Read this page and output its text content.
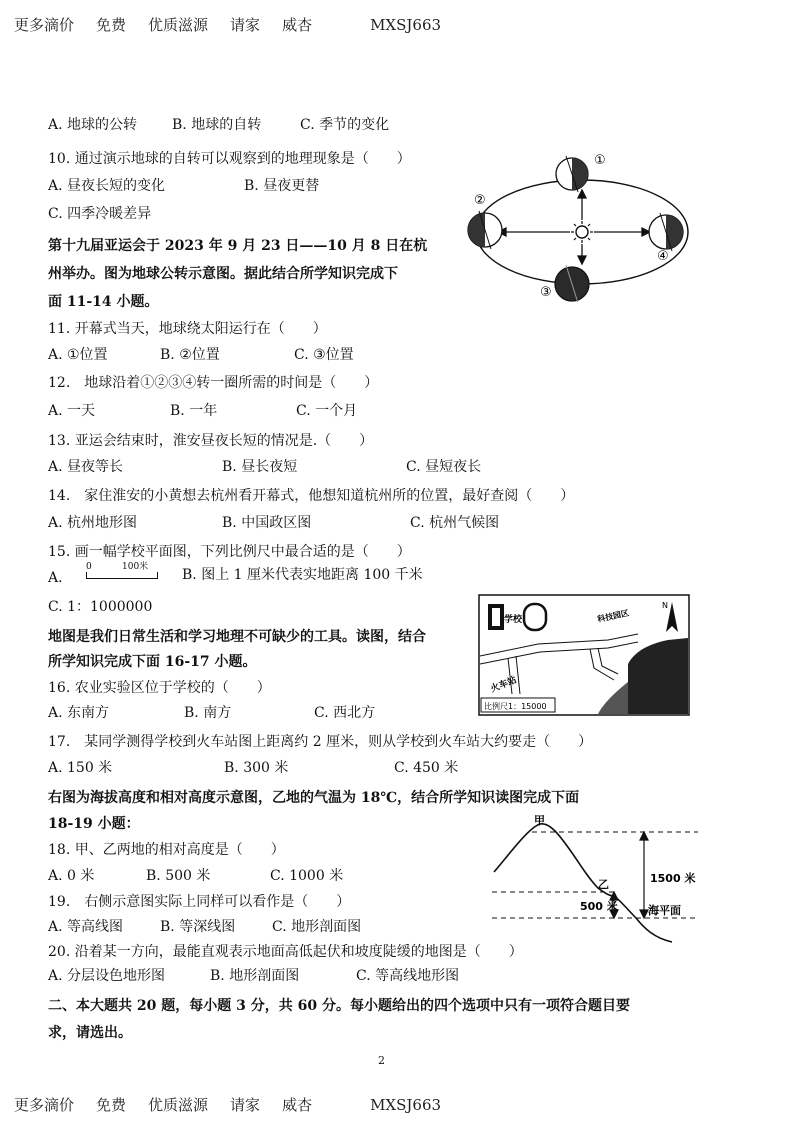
更多滴价 免费 优质滋源 请家 威杏	MXSJ663
A. 地球的公转 B. 地球的自转	C. 季节的变化
10. 通过演示地球的自转可以观察到的地理现象是（　　）
A. 昼夜长短的变化	B. 昼夜更替
C. 四季冷暖差异
第十九届亚运会于 2023 年 9 月 23 日——10 月 8 日在杭
州举办。图为地球公转示意图。据此结合所学知识完成下
面 11-14 小题。
11. 开幕式当天，地球绕太阳运行在（　　）
A. ①位置	B. ②位置	C. ③位置
12.　地球沿着①②③④转一圈所需的时间是（　　）
A. 一天	B. 一年	C. 一个月
13. 亚运会结束时，淮安昼夜长短的情况是.（　　）
A. 昼夜等长	B. 昼长夜短	C. 昼短夜长
14.　家住淮安的小黄想去杭州看开幕式，他想知道杭州所的位置，最好查阅（　　）
A. 杭州地形图	B. 中国政区图	C. 杭州气候图
15. 画一幅学校平面图，下列比例尺中最合适的是（　　）
A.
0	100米 B. 图上 1 厘米代表实地距离 100 千米
C. 1：1000000
地图是我们日常生活和学习地理不可缺少的工具。读图，结合
所学知识完成下面 16-17 小题。
16. 农业实验区位于学校的（　　）
A. 东南方	B. 南方	C. 西北方
17.　某同学测得学校到火车站图上距离约 2 厘米，则从学校到火车站大约要走（　　）
A. 150 米	B. 300 米	C. 450 米
右图为海拔高度和相对高度示意图，乙地的气温为 18℃，结合所学知识读图完成下面
18-19 小题：
18. 甲、乙两地的相对高度是（　　）
A. 0 米	B. 500 米	C. 1000 米
19.　右侧示意图实际上同样可以看作是（　　）
A. 等高线图	B. 等深线图	C. 地形剖面图
20. 沿着某一方向，最能直观表示地面高低起伏和坡度陡缓的地图是（　　）
A. 分层设色地形图	B. 地形剖面图	C. 等高线地形图
二、本大题共 20 题，每小题 3 分，共 60 分。每小题给出的四个选项中只有一项符合题目要
求，请选出。
2
更多滴价 免费 优质滋源 请家 威杏	MXSJ663
①
②
③
④
学校	科技园区
火车站
比例尺1：15000
N
甲
乙	1500 米
500 米	海平面
